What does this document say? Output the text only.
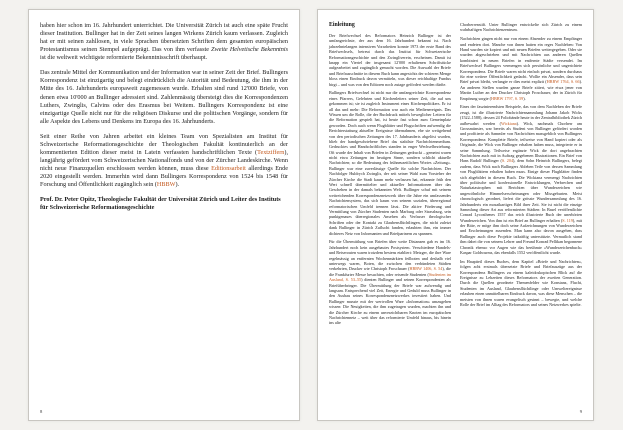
haben hier schon im 16. Jahrhundert unterrichtet. Die Universität Zürich ist auch eine späte Frucht dieser Institution. Bullinger hat in der Zeit seines langen Wirkens Zürich kaum verlassen. Zugleich hat er mit seinen zahllosen, in viele Sprachen übersetzten Schriften dem gesamten europäischen Protestantismus seinen Stempel aufgeprägt. Das von ihm verfasste Zweite Helvetische Bekenntnis ist die weltweit wichtigste reformierte Bekenntnisschrift überhaupt.

Das zentrale Mittel der Kommunikation und der Information war in seiner Zeit der Brief. Bullingers Korrespondenz ist einzigartig und belegt eindrücklich die Autorität und Bedeutung, die ihm in der Mitte des 16. Jahrhunderts europaweit zugemessen wurde. Erhalten sind rund 12'000 Briefe, von denen etwa 10'000 an Bullinger adressiert sind. Zahlenmässig übersteigt dies die Korrespondenzen Luthers, Zwinglis, Calvins oder des Erasmus bei Weitem. Bullingers Korrespondenz ist eine einzigartige Quelle nicht nur für die religiösen Diskurse und die politischen Vorgänge, sondern für alle Aspekte des Lebens und Denkens im Europa des 16. Jahrhunderts.

Seit einer Reihe von Jahren arbeitet ein kleines Team von Spezialisten am Institut für Schweizerische Reformationsgeschichte der Theologischen Fakultät kontinuierlich an der kommentierten Edition dieser meist in Latein verfassten handschriftlichen Texte (Textziffern), langjährig gefördert vom Schweizerischen Nationalfonds und von der Zürcher Landeskirche. Wenn nicht neue Finanzquellen erschlossen werden können, muss diese Editionsarbeit allerdings Ende 2020 eingestellt werden. Immerhin wird dann Bullingers Korrespondenz von 1524 bis 1548 für Forschung und Öffentlichkeit zugänglich sein (HBBW).

Prof. Dr. Peter Opitz, Theologische Fakultät der Universität Zürich und Leiter des Instituts für Schweizerische Reformationsgeschichte

8
Einleitung

Der Briefwechsel des Reformators Heinrich Bullinger ist der umfangreichste, der aus dem 16. Jahrhundert bekannt ist. Nach jahrzehntelangen intensiven Vorarbeiten konnte 1973 der erste Band des Briefwechsels, betreut durch das Institut für Schweizerische Reformationsgeschichte und den Zwingliverein, erscheinen. Damit ist knapp ein Viertel der insgesamt 12'000 erhaltenen Schriftstücke aufgearbeitet und zugänglich gemacht worden. Die Auswahl der Briefe und Briefausschnitte in diesem Buch kann angesichts der schieren Menge bloss einen Eindruck davon vermitteln, was dieser reichhaltige Fundus birgt – und was von den Editoren noch zutage gefördert werden dürfte.

Bullingers Briefwechsel ist nicht nur die umfangreichste Korrespondenz eines Pfarrers, Gelehrten und Kirchenleiters seiner Zeit, die auf uns gekommen ist; sie ist zugleich Instrument eines Kirchenpolitikers. Er ist all das und mehr: Die Reformation war auch ein Medienereignis. Das Wissen um die Rolle, die der Buchdruck mittels beweglicher Lettern für die Reformation gespielt hat, ist heute fast schon zum Gemeinplatz geworden. Doch auch wenn Flugblätter und Flugschriften aufwendig die Berichterstattung aktueller Ereignisse übernahmen, ehe sie weitgehend von den periodischen Zeitungen des 17. Jahrhunderts abgelöst wurden, blieb der handgeschriebene Brief das stabilste Nachrichtenmedium. Gedrucktes und Handschriftliches standen in enger Wechselbeziehung. Oft wurde der Inhalt von Briefen in Zeitungen gedruckt – gemeint waren nicht etwa Zeitungen im heutigen Sinne, sondern schlicht aktuelle Nachrichten; so die Bedeutung des frühneuzeitlichen Wortes «Zeitung». Bullinger war eine zuverlässige Quelle für solche Nachrichten. Der Nachfolger Huldrych Zwinglis, der seit seiner Wahl zum Vorsteher der Zürcher Kirche die Stadt kaum mehr verlassen hat, erkannte früh den Wert schnell übermittelter und aktueller Informationen über das Geschehen in der damals bekannten Welt. Bullinger schuf mit seinem weitreichenden Korrespondenznetzwerk über die Jahre ein umfassendes Nachrichtensystem, das sich kaum von seinem sozialen, überregional reformatorischen Umfeld trennen lässt. Die aktive Förderung und Vermittlung von Zürcher Studenten nach Marburg oder Strassburg, sein punktgenaues überregionales Ansehen als Verfasser theologischer Schriften oder der Kontakt zu Glaubensflüchtlingen, die nicht zuletzt dank Bullinger in Zürich Zuflucht fanden, erlaubten ihm, ein immer dichteres Netz von Informanten und Briefpartnern zu spannen.

Für die Übermittlung von Briefen über weite Distanzen gab es im 16. Jahrhundert noch kein ausgebautes Postsystem. Verschiedene Handels- und Reiserouten waren trotzdem bestens etabliert: Metzger, die ihre Ware regelmässig an entfernten Wochenmärkten feilboten und deshalb viel unterwegs waren, Boten, die zwischen den verbündeten Städten verkehrten, Drucker wie Christoph Froschauer (HBBW 1406, S. 54), die die Frankfurter Messe besuchten, oder reisende Studenten (Studenten im Ausland, S. 53–55) dienten Bullinger und seinen Korrespondenten als Briefüberbringer. Die Übermittlung der Briefe war aufwendig und langsam. Entsprechend viel Zeit, Energie und Geduld muss Bullinger in den Ausbau seines Korrespondenznetzwerkes investiert haben. Und Bullinger musste mit der wertvollen Ware «Information» umzugehen wissen: Die Neuigkeiten, die ihm zugetragen wurden, machten ihn und die Zürcher Kirche zu einem unverzichtbaren Knoten im europäischen Nachrichtennetz – weit über das reformierte Umfeld hinaus, bis hinein ins alte

Chorherrenstift. Unter Bullinger entwickelte sich Zürich zu einem wahrhaftigen Nachrichtenzentrum.

Nachrichten gingen nicht nur von einem Absender zu einem Empfänger und endeten dort. Manche von ihnen hatten ein reges Nachleben: Von Hand wurden sie kopiert und mit neuen Briefen weitergegeben. Oder sie wurden abgeschrieben und mit Nachrichten aus anderen Quellen kombiniert in neuen Briefen in entfernte Städte versendet. Im Briefwechsel Bullingers vermengen sich persönliche und ungerichtete Korrespondenz. Die Briefe waren nicht einfach privat, sondern durchaus für eine weitere Öffentlichkeit gedacht. Wollte ein Absender, dass sein Brief privat bleibt, verlangte er dies meist explizit (HBBW 1764, S. 66). An anderen Stellen wurden ganze Briefe zitiert, wie etwa jener von Martin Luther an den Drucker Christoph Froschauer, der in Zürich für Empörung sorgte (HBBW 1797, S. 59).

Eines der faszinierendsten Beispiele, das von dem Nachleben der Briefe zeugt, ist die illustrierte Nachrichtensammlung Johann Jakob Wicks (1522–1588), dessen 24 Foliobände heute in der Zentralbibliothek Zürich aufbewahrt werden (Wickiana). Wick, nachmals Chorherr am Grossmünster, war bereits als Student von Bullinger gefördert worden und profitierte als Sammler von Nachrichten massgeblich von Bullingers Korrespondenz: Komplette Briefe, teilweise von Hand kopiert oder als Originale, die Wick von Bullinger erhalten haben muss, integrierte er in seine Sammlung. Teilweise ergänzte Wick die dort angebrachten Nachrichten auch mit in Auftrag gegebenen Illustrationen. Ein Brief von Hans Rudolf Bullinger (S. 204), dem Sohn Heinrich Bullingers, belegt zudem, dass Wick nach Bullingers Ableben Teile von dessen Sammlung von Flugblättern erhalten haben muss. Einige dieser Flugblätter finden sich abgebildet in diesem Buch. Die Wickiana vermengt Nachrichten über politische und konfessionelle Entwicklungen, Verbrechen und Naturkatastrophen mit Berichten über Wunderzeichen wie ungewöhnliche Himmelserscheinungen oder Missgeburten. Meist chronologisch geordnet, liefert die grösste Wundersammlung des 16. Jahrhunderts ein mosaikartiges Bild ihrer Zeit. Sie ist nicht die einzige Sammlung dieser Art aus reformierten Städten: In Basel veröffentlichte Conrad Lycosthenes 1557 das reich illustrierte Buch der unerhörten Wunderzeichen. Von ihm ist ein Brief an Bullinger erhalten (S. 119), mit der Bitte, er möge ihm doch seine Aufzeichnungen von Wunderzeichen und Erscheinungen zusenden. Man kann also davon ausgehen, dass Bullinger auch diese Projekte tatkräftig unterstützte. Vermutlich stand ihm dabei die von seinem Lehrer und Freund Konrad Pellikan begonnene Chronik ebenso vor Augen wie das berühmte «Wunderzeichenbuch» Kaspar Goldwurms, das ebenfalls 1552 veröffentlicht wurde.

Im Hauptteil dieses Buches, dem Kapitel «Briefe und Nachrichten», folgen acht erstmals übersetzte Briefe und Briefauszüge aus der Korrespondenz Bullingers zu einem kaleidoskopischen Blick auf die Ereignisse zu Lebzeiten dieses Reformators der zweiten Generation. Durch die Quellen geordnete Themenfelder wie Konstanz, Flucht, Studenten im Ausland, Glaubensflüchtlinge oder Umweltereignisse erlauben einen unmittelbaren Eindruck davon, was diese Menschen – die meisten von ihnen waren evangelisch gesinnt – bewegte, und welche Rolle der Brief im Alltag des Reformators und seines Netzwerkes spielte.

9
